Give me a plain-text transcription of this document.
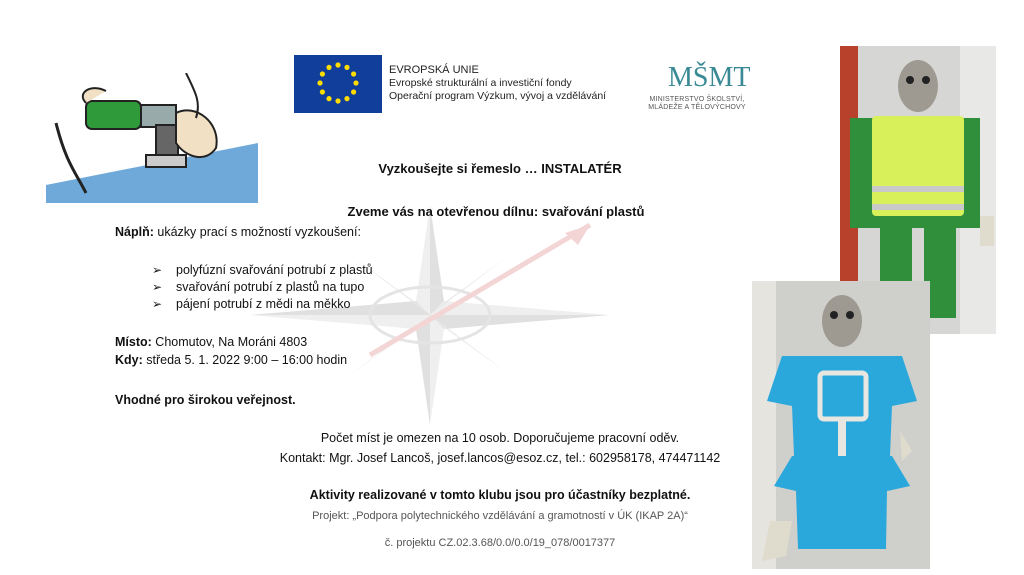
EVROPSKÁ UNIE
Evropské strukturální a investiční fondy
Operační program Výzkum, vývoj a vzdělávání
MŠMT
MINISTERSTVO ŠKOLSTVÍ,
MLÁDEŽE A TĚLOVÝCHOVY
Vyzkoušejte si řemeslo … INSTALATÉR
Zveme vás na otevřenou dílnu: svařování plastů
Náplň: ukázky prací s možností vyzkoušení:
➢ polyfúzní svařování potrubí z plastů
➢ svařování potrubí z plastů na tupo
➢ pájení potrubí z mědi na měkko
Místo: Chomutov, Na Moráni 4803
Kdy: středa 5. 1. 2022 9:00 – 16:00 hodin
Vhodné pro širokou veřejnost.
Počet míst je omezen na 10 osob. Doporučujeme pracovní oděv.
Kontakt: Mgr. Josef Lancoš, josef.lancos@esoz.cz, tel.: 602958178, 474471142
Aktivity realizované v tomto klubu jsou pro účastníky bezplatné.
Projekt: „Podpora polytechnického vzdělávání a gramotností v ÚK (IKAP 2A)“
č. projektu CZ.02.3.68/0.0/0.0/19_078/0017377
